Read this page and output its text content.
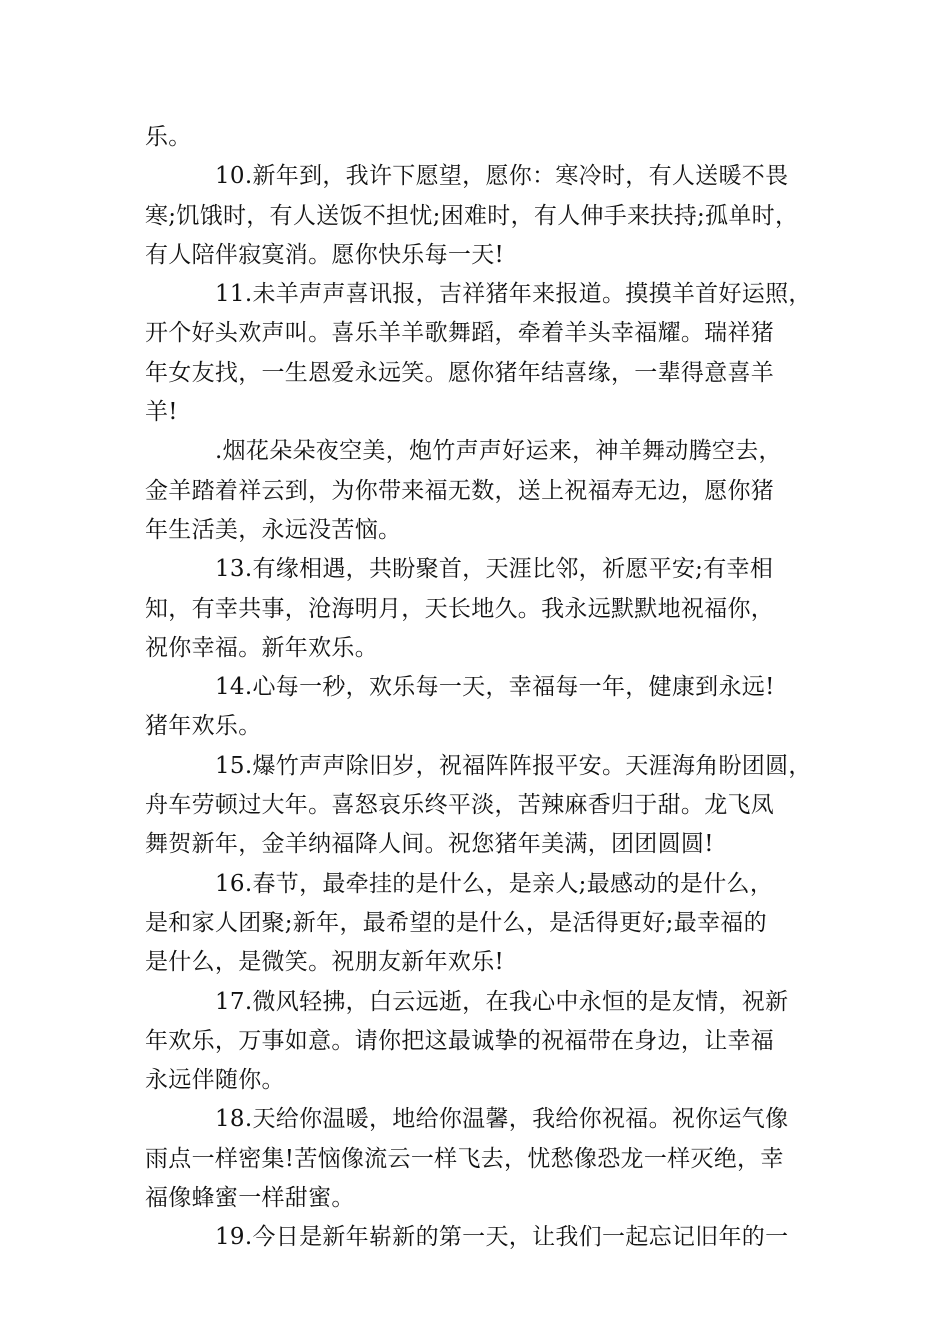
乐。
10.新年到，我许下愿望，愿你：寒冷时，有人送暖不畏
寒;饥饿时，有人送饭不担忧;困难时，有人伸手来扶持;孤单时，
有人陪伴寂寞消。愿你快乐每一天!
11.未羊声声喜讯报，吉祥猪年来报道。摸摸羊首好运照，
开个好头欢声叫。喜乐羊羊歌舞蹈，牵着羊头幸福耀。瑞祥猪
年女友找，一生恩爱永远笑。愿你猪年结喜缘，一辈得意喜羊
羊!
.烟花朵朵夜空美，炮竹声声好运来，神羊舞动腾空去，
金羊踏着祥云到，为你带来福无数，送上祝福寿无边，愿你猪
年生活美，永远没苦恼。
13.有缘相遇，共盼聚首，天涯比邻，祈愿平安;有幸相
知，有幸共事，沧海明月，天长地久。我永远默默地祝福你，
祝你幸福。新年欢乐。
14.心每一秒，欢乐每一天，幸福每一年，健康到永远!
猪年欢乐。
15.爆竹声声除旧岁，祝福阵阵报平安。天涯海角盼团圆，
舟车劳顿过大年。喜怒哀乐终平淡，苦辣麻香归于甜。龙飞凤
舞贺新年，金羊纳福降人间。祝您猪年美满，团团圆圆!
16.春节，最牵挂的是什么，是亲人;最感动的是什么，
是和家人团聚;新年，最希望的是什么，是活得更好;最幸福的
是什么，是微笑。祝朋友新年欢乐!
17.微风轻拂，白云远逝，在我心中永恒的是友情，祝新
年欢乐，万事如意。请你把这最诚挚的祝福带在身边，让幸福
永远伴随你。
18.天给你温暖，地给你温馨，我给你祝福。祝你运气像
雨点一样密集!苦恼像流云一样飞去，忧愁像恐龙一样灭绝，幸
福像蜂蜜一样甜蜜。
19.今日是新年崭新的第一天，让我们一起忘记旧年的一
